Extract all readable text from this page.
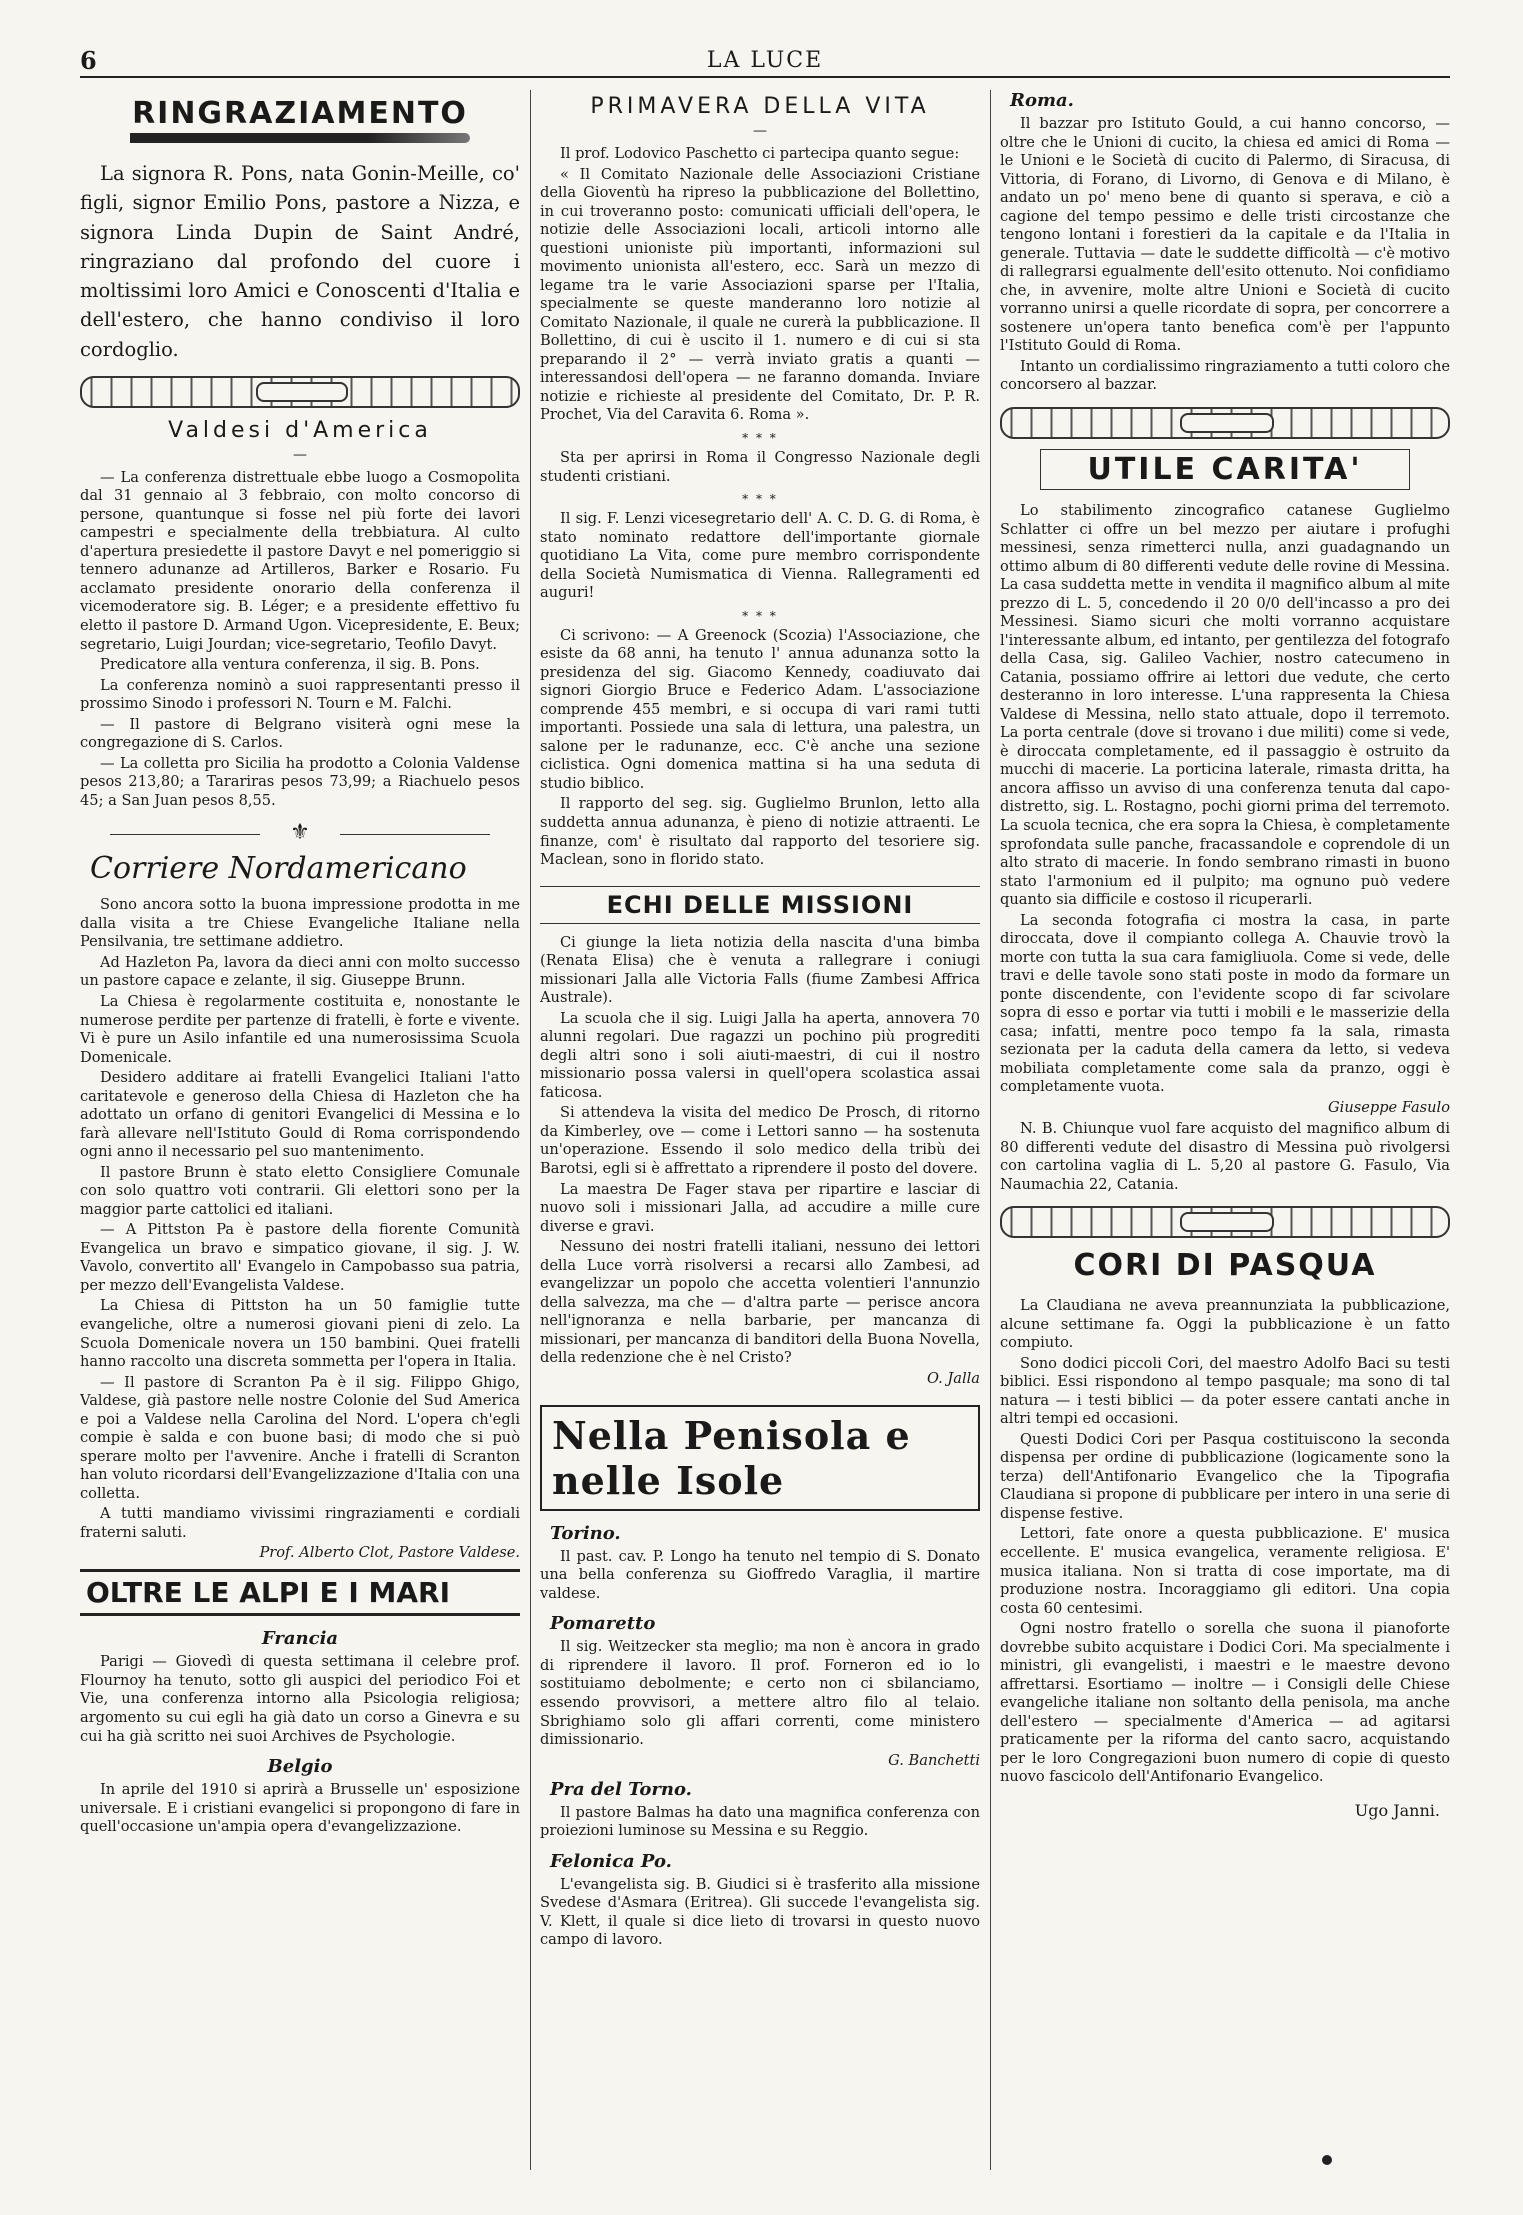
6	LA LUCE
RINGRAZIAMENTO

La signora R. Pons, nata Gonin-Meille, co' figli, signor Emilio Pons, pastore a Nizza, e signora Linda Dupin de Saint André, ringraziano dal profondo del cuore i moltissimi loro Amici e Conoscenti d'Italia e dell'estero, che hanno condiviso il loro cordoglio.

Valdesi d'America
—

— La conferenza distrettuale ebbe luogo a Cosmopolita dal 31 gennaio al 3 febbraio, con molto concorso di persone, quantunque si fosse nel più forte dei lavori campestri e specialmente della trebbiatura. Al culto d'apertura presiedette il pastore Davyt e nel pomeriggio si tennero adunanze ad Artilleros, Barker e Rosario. Fu acclamato presidente onorario della conferenza il vicemoderatore sig. B. Léger; e a presidente effettivo fu eletto il pastore D. Armand Ugon. Vicepresidente, E. Beux; segretario, Luigi Jourdan; vice-segretario, Teofilo Davyt.

Predicatore alla ventura conferenza, il sig. B. Pons.

La conferenza nominò a suoi rappresentanti presso il prossimo Sinodo i professori N. Tourn e M. Falchi.

— Il pastore di Belgrano visiterà ogni mese la congregazione di S. Carlos.

— La colletta pro Sicilia ha prodotto a Colonia Valdense pesos 213,80; a Tarariras pesos 73,99; a Riachuelo pesos 45; a San Juan pesos 8,55.

⚜
Corriere Nordamericano

Sono ancora sotto la buona impressione prodotta in me dalla visita a tre Chiese Evangeliche Italiane nella Pensilvania, tre settimane addietro.

Ad Hazleton Pa, lavora da dieci anni con molto successo un pastore capace e zelante, il sig. Giuseppe Brunn.

La Chiesa è regolarmente costituita e, nonostante le numerose perdite per partenze di fratelli, è forte e vivente. Vi è pure un Asilo infantile ed una numerosissima Scuola Domenicale.

Desidero additare ai fratelli Evangelici Italiani l'atto caritatevole e generoso della Chiesa di Hazleton che ha adottato un orfano di genitori Evangelici di Messina e lo farà allevare nell'Istituto Gould di Roma corrispondendo ogni anno il necessario pel suo mantenimento.

Il pastore Brunn è stato eletto Consigliere Comunale con solo quattro voti contrarii. Gli elettori sono per la maggior parte cattolici ed italiani.

— A Pittston Pa è pastore della fiorente Comunità Evangelica un bravo e simpatico giovane, il sig. J. W. Vavolo, convertito all' Evangelo in Campobasso sua patria, per mezzo dell'Evangelista Valdese.

La Chiesa di Pittston ha un 50 famiglie tutte evangeliche, oltre a numerosi giovani pieni di zelo. La Scuola Domenicale novera un 150 bambini. Quei fratelli hanno raccolto una discreta sommetta per l'opera in Italia.

— Il pastore di Scranton Pa è il sig. Filippo Ghigo, Valdese, già pastore nelle nostre Colonie del Sud America e poi a Valdese nella Carolina del Nord. L'opera ch'egli compie è salda e con buone basi; di modo che si può sperare molto per l'avvenire. Anche i fratelli di Scranton han voluto ricordarsi dell'Evangelizzazione d'Italia con una colletta.

A tutti mandiamo vivissimi ringraziamenti e cordiali fraterni saluti.

Prof. Alberto Clot, Pastore Valdese.
OLTRE LE ALPI E I MARI
Francia

Parigi — Giovedì di questa settimana il celebre prof. Flournoy ha tenuto, sotto gli auspici del periodico Foi et Vie, una conferenza intorno alla Psicologia religiosa; argomento su cui egli ha già dato un corso a Ginevra e su cui ha già scritto nei suoi Archives de Psychologie.

Belgio

In aprile del 1910 si aprirà a Brusselle un' esposizione universale. E i cristiani evangelici si propongono di fare in quell'occasione un'ampia opera d'evangelizzazione.

PRIMAVERA DELLA VITA
—

Il prof. Lodovico Paschetto ci partecipa quanto segue:

« Il Comitato Nazionale delle Associazioni Cristiane della Gioventù ha ripreso la pubblicazione del Bollettino, in cui troveranno posto: comunicati ufficiali dell'opera, le notizie delle Associazioni locali, articoli intorno alle questioni unioniste più importanti, informazioni sul movimento unionista all'estero, ecc. Sarà un mezzo di legame tra le varie Associazioni sparse per l'Italia, specialmente se queste manderanno loro notizie al Comitato Nazionale, il quale ne curerà la pubblicazione. Il Bollettino, di cui è uscito il 1. numero e di cui si sta preparando il 2° — verrà inviato gratis a quanti — interessandosi dell'opera — ne faranno domanda. Inviare notizie e richieste al presidente del Comitato, Dr. P. R. Prochet, Via del Caravita 6. Roma ».

* * *

Sta per aprirsi in Roma il Congresso Nazionale degli studenti cristiani.

* * *

Il sig. F. Lenzi vicesegretario dell' A. C. D. G. di Roma, è stato nominato redattore dell'importante giornale quotidiano La Vita, come pure membro corrispondente della Società Numismatica di Vienna. Rallegramenti ed auguri!

* * *

Ci scrivono: — A Greenock (Scozia) l'Associazione, che esiste da 68 anni, ha tenuto l' annua adunanza sotto la presidenza del sig. Giacomo Kennedy, coadiuvato dai signori Giorgio Bruce e Federico Adam. L'associazione comprende 455 membri, e si occupa di vari rami tutti importanti. Possiede una sala di lettura, una palestra, un salone per le radunanze, ecc. C'è anche una sezione ciclistica. Ogni domenica mattina si ha una seduta di studio biblico.

Il rapporto del seg. sig. Guglielmo Brunlon, letto alla suddetta annua adunanza, è pieno di notizie attraenti. Le finanze, com' è risultato dal rapporto del tesoriere sig. Maclean, sono in florido stato.

ECHI DELLE MISSIONI

Ci giunge la lieta notizia della nascita d'una bimba (Renata Elisa) che è venuta a rallegrare i coniugi missionari Jalla alle Victoria Falls (fiume Zambesi Affrica Australe).

La scuola che il sig. Luigi Jalla ha aperta, annovera 70 alunni regolari. Due ragazzi un pochino più progrediti degli altri sono i soli aiuti-maestri, di cui il nostro missionario possa valersi in quell'opera scolastica assai faticosa.

Si attendeva la visita del medico De Prosch, di ritorno da Kimberley, ove — come i Lettori sanno — ha sostenuta un'operazione. Essendo il solo medico della tribù dei Barotsi, egli si è affrettato a riprendere il posto del dovere.

La maestra De Fager stava per ripartire e lasciar di nuovo soli i missionari Jalla, ad accudire a mille cure diverse e gravi.

Nessuno dei nostri fratelli italiani, nessuno dei lettori della Luce vorrà risolversi a recarsi allo Zambesi, ad evangelizzar un popolo che accetta volentieri l'annunzio della salvezza, ma che — d'altra parte — perisce ancora nell'ignoranza e nella barbarie, per mancanza di missionari, per mancanza di banditori della Buona Novella, della redenzione che è nel Cristo?

O. Jalla
Nella Penisola e nelle Isole
Torino.

Il past. cav. P. Longo ha tenuto nel tempio di S. Donato una bella conferenza su Gioffredo Varaglia, il martire valdese.

Pomaretto

Il sig. Weitzecker sta meglio; ma non è ancora in grado di riprendere il lavoro. Il prof. Forneron ed io lo sostituiamo debolmente; e certo non ci sbilanciamo, essendo provvisori, a mettere altro filo al telaio. Sbrighiamo solo gli affari correnti, come ministero dimissionario.

G. Banchetti
Pra del Torno.

Il pastore Balmas ha dato una magnifica conferenza con proiezioni luminose su Messina e su Reggio.

Felonica Po.

L'evangelista sig. B. Giudici si è trasferito alla missione Svedese d'Asmara (Eritrea). Gli succede l'evangelista sig. V. Klett, il quale si dice lieto di trovarsi in questo nuovo campo di lavoro.

Roma.

Il bazzar pro Istituto Gould, a cui hanno concorso, — oltre che le Unioni di cucito, la chiesa ed amici di Roma — le Unioni e le Società di cucito di Palermo, di Siracusa, di Vittoria, di Forano, di Livorno, di Genova e di Milano, è andato un po' meno bene di quanto si sperava, e ciò a cagione del tempo pessimo e delle tristi circostanze che tengono lontani i forestieri da la capitale e da l'Italia in generale. Tuttavia — date le suddette difficoltà — c'è motivo di rallegrarsi egualmente dell'esito ottenuto. Noi confidiamo che, in avvenire, molte altre Unioni e Società di cucito vorranno unirsi a quelle ricordate di sopra, per concorrere a sostenere un'opera tanto benefica com'è per l'appunto l'Istituto Gould di Roma.

Intanto un cordialissimo ringraziamento a tutti coloro che concorsero al bazzar.

UTILE CARITA'

Lo stabilimento zincografico catanese Guglielmo Schlatter ci offre un bel mezzo per aiutare i profughi messinesi, senza rimetterci nulla, anzi guadagnando un ottimo album di 80 differenti vedute delle rovine di Messina. La casa suddetta mette in vendita il magnifico album al mite prezzo di L. 5, concedendo il 20 0/0 dell'incasso a pro dei Messinesi. Siamo sicuri che molti vorranno acquistare l'interessante album, ed intanto, per gentilezza del fotografo della Casa, sig. Galileo Vachier, nostro catecumeno in Catania, possiamo offrire ai lettori due vedute, che certo desteranno in loro interesse. L'una rappresenta la Chiesa Valdese di Messina, nello stato attuale, dopo il terremoto. La porta centrale (dove si trovano i due militi) come si vede, è diroccata completamente, ed il passaggio è ostruito da mucchi di macerie. La porticina laterale, rimasta dritta, ha ancora affisso un avviso di una conferenza tenuta dal capo-distretto, sig. L. Rostagno, pochi giorni prima del terremoto. La scuola tecnica, che era sopra la Chiesa, è completamente sprofondata sulle panche, fracassandole e coprendole di un alto strato di macerie. In fondo sembrano rimasti in buono stato l'armonium ed il pulpito; ma ognuno può vedere quanto sia difficile e costoso il ricuperarli.

La seconda fotografia ci mostra la casa, in parte diroccata, dove il compianto collega A. Chauvie trovò la morte con tutta la sua cara famigliuola. Come si vede, delle travi e delle tavole sono stati poste in modo da formare un ponte discendente, con l'evidente scopo di far scivolare sopra di esso e portar via tutti i mobili e le masserizie della casa; infatti, mentre poco tempo fa la sala, rimasta sezionata per la caduta della camera da letto, si vedeva mobiliata completamente come sala da pranzo, oggi è completamente vuota.

Giuseppe Fasulo

N. B. Chiunque vuol fare acquisto del magnifico album di 80 differenti vedute del disastro di Messina può rivolgersi con cartolina vaglia di L. 5,20 al pastore G. Fasulo, Via Naumachia 22, Catania.

CORI DI PASQUA

La Claudiana ne aveva preannunziata la pubblicazione, alcune settimane fa. Oggi la pubblicazione è un fatto compiuto.

Sono dodici piccoli Cori, del maestro Adolfo Baci su testi biblici. Essi rispondono al tempo pasquale; ma sono di tal natura — i testi biblici — da poter essere cantati anche in altri tempi ed occasioni.

Questi Dodici Cori per Pasqua costituiscono la seconda dispensa per ordine di pubblicazione (logicamente sono la terza) dell'Antifonario Evangelico che la Tipografia Claudiana si propone di pubblicare per intero in una serie di dispense festive.

Lettori, fate onore a questa pubblicazione. E' musica eccellente. E' musica evangelica, veramente religiosa. E' musica italiana. Non si tratta di cose importate, ma di produzione nostra. Incoraggiamo gli editori. Una copia costa 60 centesimi.

Ogni nostro fratello o sorella che suona il pianoforte dovrebbe subito acquistare i Dodici Cori. Ma specialmente i ministri, gli evangelisti, i maestri e le maestre devono affrettarsi. Esortiamo — inoltre — i Consigli delle Chiese evangeliche italiane non soltanto della penisola, ma anche dell'estero — specialmente d'America — ad agitarsi praticamente per la riforma del canto sacro, acquistando per le loro Congregazioni buon numero di copie di questo nuovo fascicolo dell'Antifonario Evangelico.

Ugo Janni.
